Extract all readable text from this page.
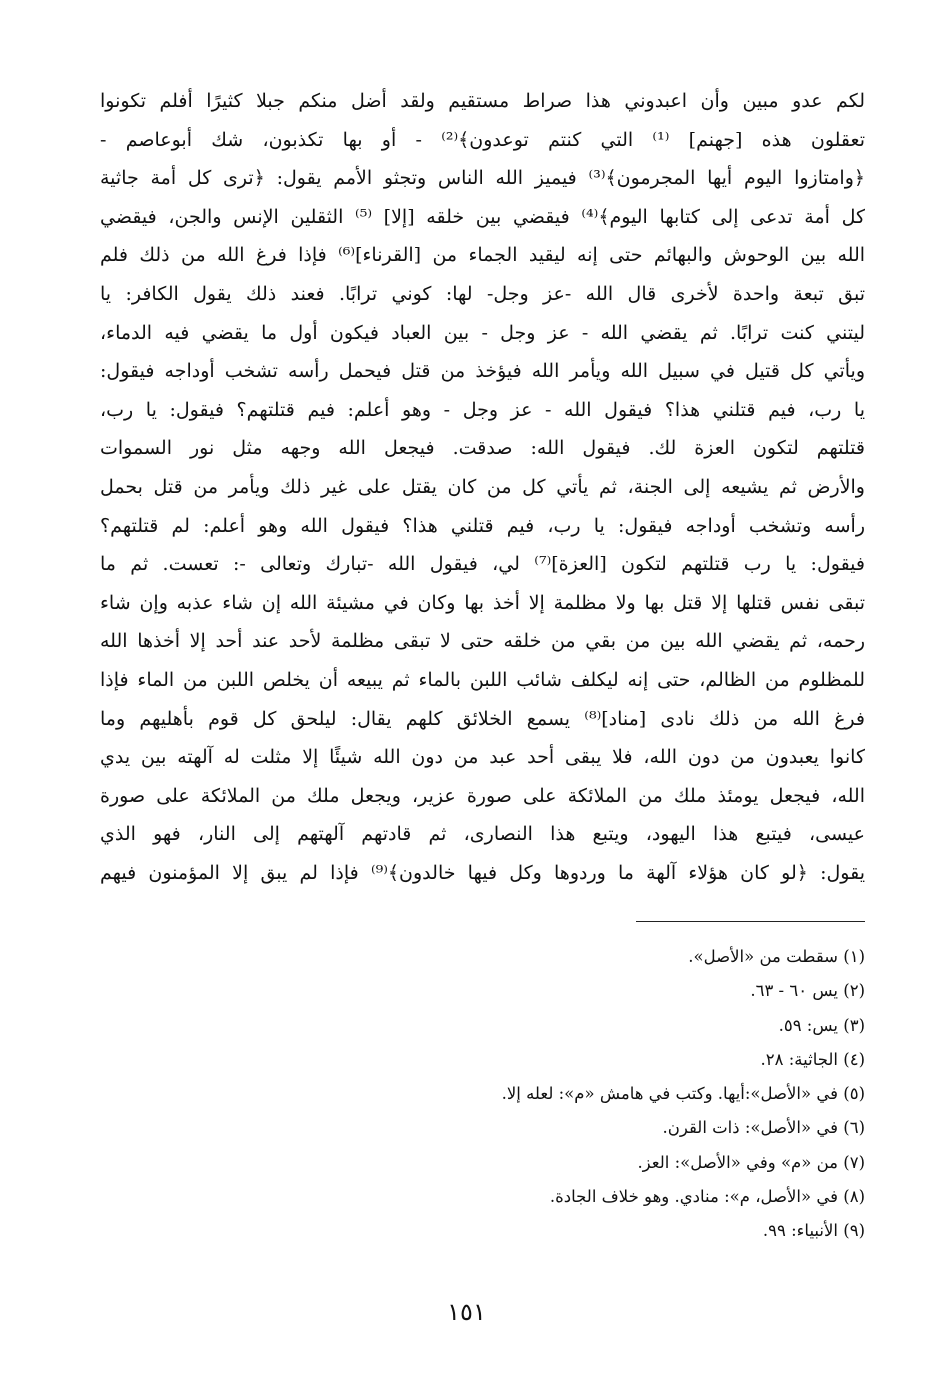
لكم عدو مبين وأن اعبدوني هذا صراط مستقيم ولقد أضل منكم جبلا كثيرًا أفلم تكونوا
تعقلون هذه [جهنم] ⁽¹⁾ التي كنتم توعدون﴾⁽²⁾ - أو بها تكذبون، شك أبوعاصم -
﴿وامتازوا اليوم أيها المجرمون﴾⁽³⁾ فيميز الله الناس وتجثو الأمم يقول: ﴿ترى كل أمة جاثية
كل أمة تدعى إلى كتابها اليوم﴾⁽⁴⁾ فيقضي بين خلقه [إلا] ⁽⁵⁾ الثقلين الإنس والجن، فيقضي
الله بين الوحوش والبهائم حتى إنه ليقيد الجماء من [القرناء]⁽⁶⁾ فإذا فرغ الله من ذلك فلم
تبق تبعة واحدة لأخرى قال الله -عز وجل- لها: كوني ترابًا. فعند ذلك يقول الكافر: يا
ليتني كنت ترابًا. ثم يقضي الله - عز وجل - بين العباد فيكون أول ما يقضي فيه الدماء،
ويأتي كل قتيل في سبيل الله ويأمر الله فيؤخذ من قتل فيحمل رأسه تشخب أوداجه فيقول:
يا رب، فيم قتلني هذا؟ فيقول الله - عز وجل - وهو أعلم: فيم قتلتهم؟ فيقول: يا رب،
قتلتهم لتكون العزة لك. فيقول الله: صدقت. فيجعل الله وجهه مثل نور السموات
والأرض ثم يشيعه إلى الجنة، ثم يأتي كل من كان يقتل على غير ذلك ويأمر من قتل بحمل
رأسه وتشخب أوداجه فيقول: يا رب، فيم قتلني هذا؟ فيقول الله وهو أعلم: لم قتلتهم؟
فيقول: يا رب قتلتهم لتكون [العزة]⁽⁷⁾ لي، فيقول الله -تبارك وتعالى -: تعست. ثم ما
تبقى نفس قتلها إلا قتل بها ولا مظلمة إلا أخذ بها وكان في مشيئة الله إن شاء عذبه وإن شاء
رحمه، ثم يقضي الله بين من بقي من خلقه حتى لا تبقى مظلمة لأحد عند أحد إلا أخذها الله
للمظلوم من الظالم، حتى إنه ليكلف شائب اللبن بالماء ثم يبيعه أن يخلص اللبن من الماء فإذا
فرغ الله من ذلك نادى [مناد]⁽⁸⁾ يسمع الخلائق كلهم يقال: ليلحق كل قوم بأهليهم وما
كانوا يعبدون من دون الله، فلا يبقى أحد عبد من دون الله شيئًا إلا مثلت له آلهته بين يدي
الله، فيجعل يومئذ ملك من الملائكة على صورة عزير، ويجعل ملك من الملائكة على صورة
عيسى، فيتبع هذا اليهود، ويتبع هذا النصارى، ثم قادتهم آلهتهم إلى النار، فهو الذي
يقول: ﴿لو كان هؤلاء آلهة ما وردوها وكل فيها خالدون﴾⁽⁹⁾ فإذا لم يبق إلا المؤمنون فيهم
(١) سقطت من «الأصل».
(٢) يس ٦٠ - ٦٣.
(٣) يس: ٥٩.
(٤) الجاثية: ٢٨.
(٥) في «الأصل»:أيها. وكتب في هامش «م»: لعله إلا.
(٦) في «الأصل»: ذات القرن.
(٧) من «م» وفي «الأصل»: العز.
(٨) في «الأصل، م»: منادي. وهو خلاف الجادة.
(٩) الأنبياء: ٩٩.
١٥١
